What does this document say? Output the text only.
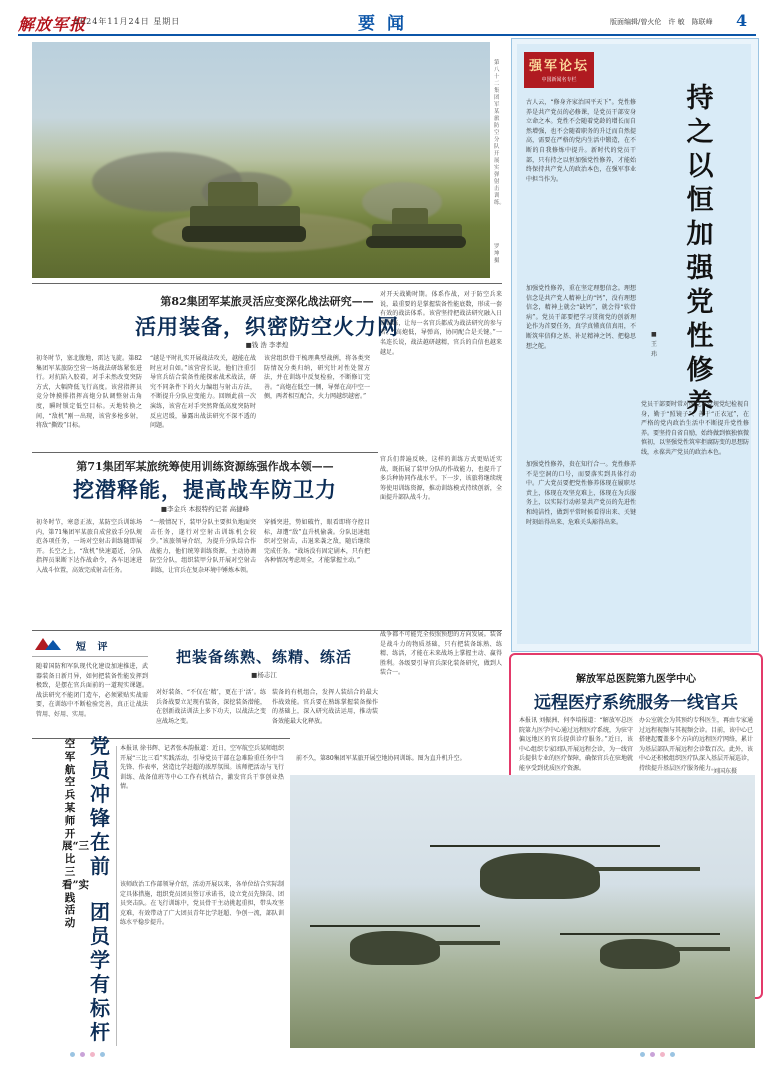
解放军报
2024年11月24日 星期日	要闻	版面编辑/曾火伦　许 敏　陈联峰 4
第八十二集团军某旅防空分队开展实弹射击训练。
罗 坤摄
第82集团军某旅灵活应变深化战法研究——
活用装备，织密防空火力网
■钱 浩 李孝煌
初冬时节，塞北腹地，雷达飞旋。第82集团军某旅防空营一场战法研练紧张进行。对抗陷入胶着，对手未然改变突防方式，大幅降低飞行高度。该营指挥员竞分钟摸排指挥高炮分队调整射击角度，瞬时锁定低空目标。天地转换之间，“敌机”刚一出现，该营多枪多射，将敌“撕毁”目标。
“越是平时扎实开展战法攻关，越能在战时应对自如。”该营营长说，他们注重引导官兵结合装备性能探索战术战法，研究不同条件下的火力编组与射击方法，不断提升分队应变能力。回顾此前一次演练，该营在对手突然降低高度突防时反应迟缓，暴露出战法研究不深不透的问题。
该营组织骨干梳理典型战例，将各类突防情况分类归纳，研究针对性处置方法，并在训练中反复检验，不断修订完善。“高炮在低空一侧，导弹在高中空一侧，两者相互配合，火力网越织越密。”
对开天战勤时期。体系作战，对于防空兵来说，最重要的是掌握装备性能底数，形成一套有效的战法体系。该营坚持把战法研究融入日常训练，让每一名官兵都成为战法研究的参与者。“高炮低，导弹高，协同配合是关键。”一名连长说，战法越研越精，官兵的自信也越来越足。
第71集团军某旅统筹使用训练资源练强作战本领——
挖潜释能，提高战车防卫力
■李金兵 本报特约记者 高捷峰
初冬时节，寒意正浓，某防空兵训练场内，第71集团军某旅自成营放手分队规范各项任务，一场对空射击训练随即展开。长空之上，“敌机”快速逼近，分队指挥员果断下达作战命令，各车迅速进入战斗位置，高效完成射击任务。
“一般情况下，装甲分队主要担负地面突击任务，遂行对空射击训练机会较少。”该旅领导介绍，为提升分队综合作战能力，他们统筹训练资源，主动协调防空分队，组织装甲分队开展对空射击训练，让官兵在复杂环境中锤炼本领。
穿插突进，势如破竹，眼看即将夺控目标，却遭“敌”直升机偷袭。分队迅速组织对空射击，击退来袭之敌，随后继续完成任务。“战场没有固定剧本，只有把各种情况考虑周全，才能掌握主动。”
官兵们普遍反映，这样的训练方式更贴近实战，既拓展了装甲分队的作战能力，也提升了多兵种协同作战水平。下一步，该旅将继续统筹使用训练资源，推动训练模式持续创新，全面提升部队战斗力。
强军论坛
中国新闻名专栏
持之以恒加强党性修养
■王 玮
古人云，“修身齐家治国平天下”。党性修养是共产党员的必修课，是党员干部安身立命之本。党性不会随着党龄的增长而自然增强，也不会随着职务的升迁而自然提高，需要在严格的党内生活中锻造，在不断的自我修炼中提升。新时代的党员干部，只有持之以恒加强党性修养，才能始终保持共产党人的政治本色，在强军事业中担当作为。
加强党性修养，重在坚定理想信念。理想信念是共产党人精神上的“钙”，没有理想信念，精神上就会“缺钙”，就会得“软骨病”。党员干部要把学习贯彻党的创新理论作为首要任务，真学真懂真信真用，不断筑牢信仰之基、补足精神之钙、把稳思想之舵。
加强党性修养，贵在知行合一。党性修养不是空洞的口号，而要落实到具体行动中。广大党员要把党性修养体现在履职尽责上，体现在攻坚克难上，体现在为兵服务上，以实际行动彰显共产党员的先进性和纯洁性，做到平常时候看得出来、关键时刻站得出来、危难关头豁得出来。
党员干部要时常对照党章党规党纪检视自身，勤于“照镜子”、善于“正衣冠”，在严格的党内政治生活中不断提升党性修养。要坚持自省自励，始终做到慎独慎微慎初，以坚强党性筑牢拒腐防变的思想防线，永葆共产党员的政治本色。
短 评
随着国防和军队现代化建设加速推进，武器装备日新月异，如何把装备性能发挥到极致，是摆在官兵面前的一道现实课题。战法研究不能闭门造车，必须紧贴实战需要，在训练中不断检验完善，真正让战法管用、好用、实用。
对好装备、“不仅在‘精’，更在于‘活’。练兵备战要立足现有装备，深挖装备潜能，在创新战法训法上多下功夫，以战法之变应战场之变。
把装备练熟、练精、练活
■杨志江
装备的有机组合，发挥人装结合的最大作战效能。官兵要在熟练掌握装备操作的基础上，深入研究战法运用，推动装备效能最大化释放。
战争都不可能完全按照预想的方向发展。装备是战斗力的物质基础，只有把装备练熟、练精、练活，才能在未来战场上掌握主动、赢得胜利。各级要引导官兵深化装备研究，做到人装合一。
解放军总医院第九医学中心
远程医疗系统服务一线官兵
本报讯 刘振洲、何李培报道：“解放军总医院第九医学中心通过远程医疗系统，为驻守偏远地区的官兵提供诊疗服务。”近日，该中心组织专家团队开展远程会诊，为一线官兵提供专业的医疗保障，确保官兵在驻地就能享受到优质医疗资源。
办公室就会为其预约专科医生，再由专家通过远程视频与其视频会诊。目前，该中心已搭建起覆盖多个方向的远程医疗网络，累计为基层部队开展远程会诊数百次。此外，该中心还积极组织医疗队深入基层开展巡诊，持续提升基层医疗服务能力。
空军航空兵某师开展“三比三看”实践活动
党员冲锋在前
团员学有标杆
本报讯 徐书辉、记者张本韵报道：近日，空军航空兵某师组织开展“三比三看”实践活动，引导党员干部在急难险重任务中当先锋、作表率，营造比学赶超的浓厚氛围。该师把活动与飞行训练、战备值班等中心工作有机结合，激发官兵干事创业热情。
该师政治工作部领导介绍，活动开展以来，各单位结合实际制定具体措施，组织党员团员签订承诺书，设立党员先锋岗、团员突击队。在飞行训练中，党员骨干主动挑起重担，带头攻坚克难，有效带动了广大团员青年比学赶超、争创一流，部队训练水平稳步提升。
前不久，第80集团军某旅开展空地协同训练。图为直升机升空。
刘国东摄
